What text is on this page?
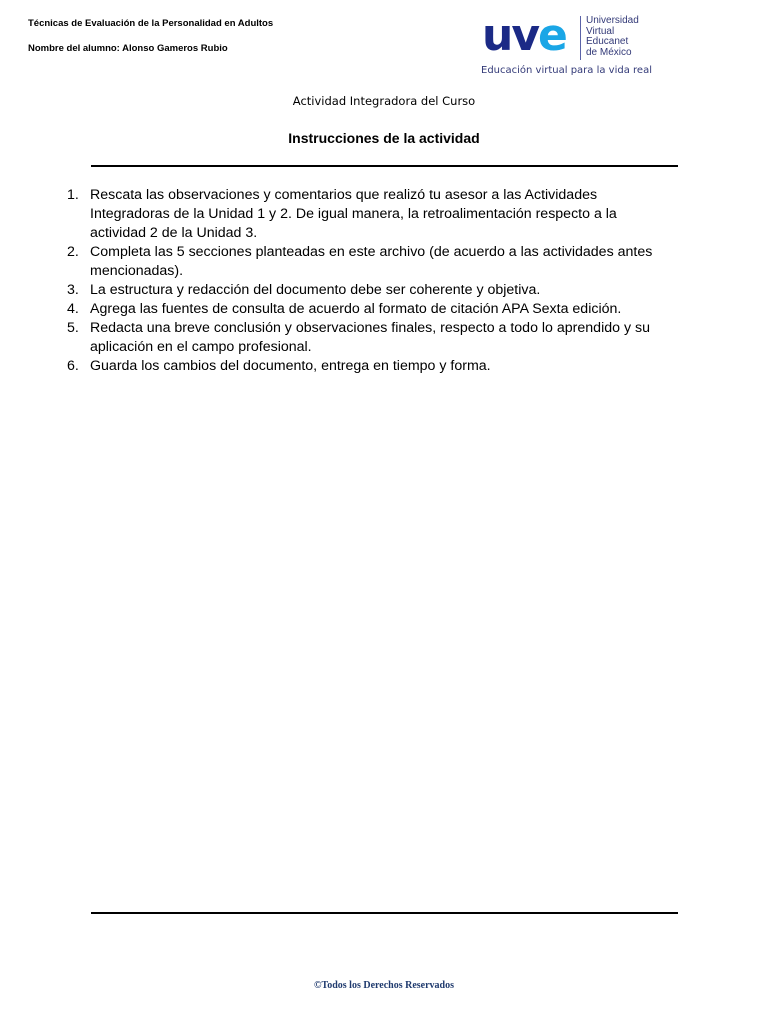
Técnicas de Evaluación de la Personalidad en Adultos
Nombre del alumno: Alonso Gameros Rubio	uve Universidad
Virtual
Educanet
de México
Educación virtual para la vida real
Actividad Integradora del Curso
Instrucciones de la actividad
1. Rescata las observaciones y comentarios que realizó tu asesor a las Actividades Integradoras de la Unidad 1 y 2. De igual manera, la retroalimentación respecto a la actividad 2 de la Unidad 3.
2. Completa las 5 secciones planteadas en este archivo (de acuerdo a las actividades antes mencionadas).
3. La estructura y redacción del documento debe ser coherente y objetiva.
4. Agrega las fuentes de consulta de acuerdo al formato de citación APA Sexta edición.
5. Redacta una breve conclusión y observaciones finales, respecto a todo lo aprendido y su aplicación en el campo profesional.
6. Guarda los cambios del documento, entrega en tiempo y forma.
©Todos los Derechos Reservados
